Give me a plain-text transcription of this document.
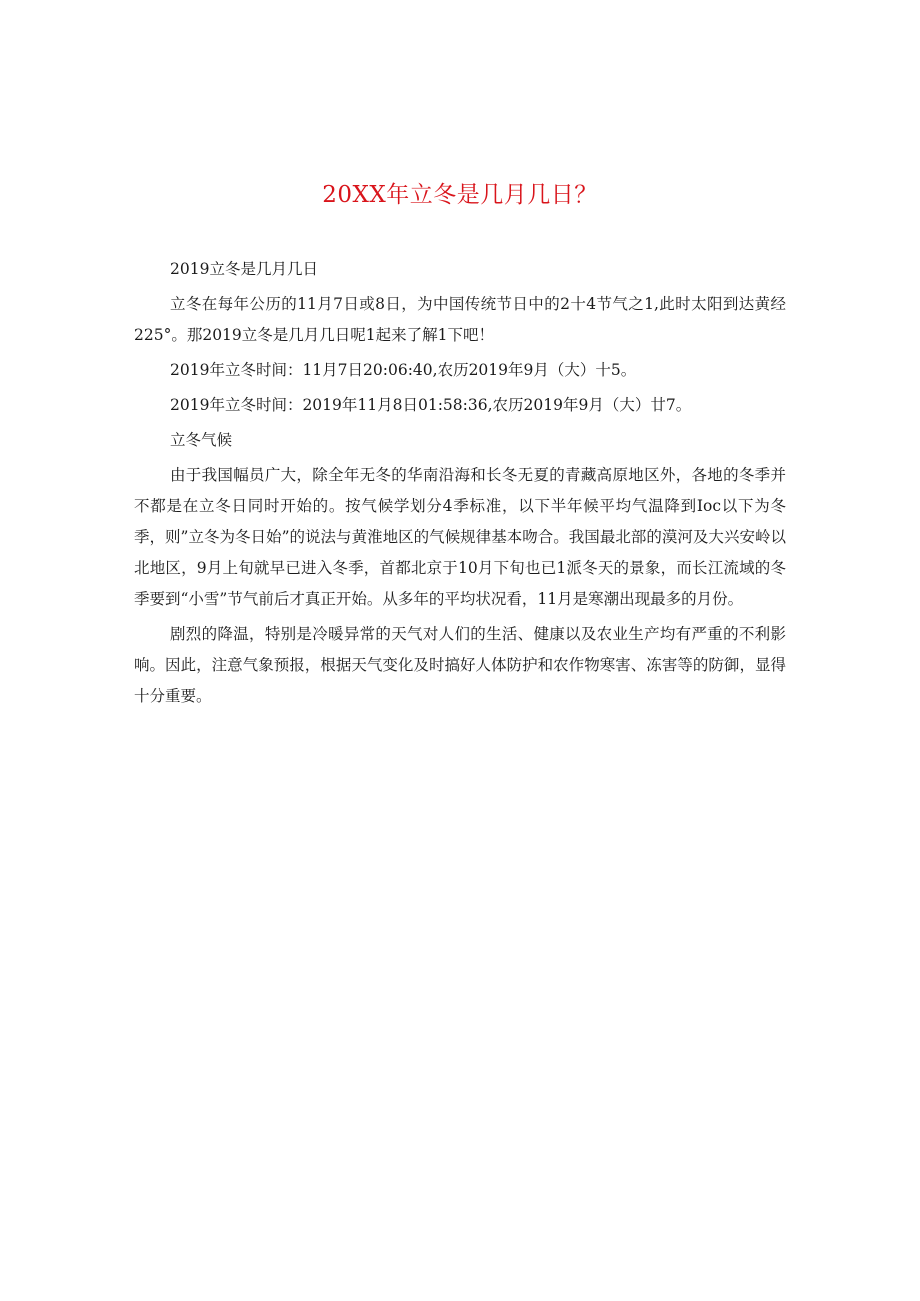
20XX年立冬是几月几日？

2019立冬是几月几日

立冬在每年公历的11月7日或8日，为中国传统节日中的2十4节气之1,此时太阳到达黄经225°。那2019立冬是几月几日呢1起来了解1下吧！

2019年立冬时间：11月7日20:06:40,农历2019年9月（大）十5。

2019年立冬时间：2019年11月8日01:58:36,农历2019年9月（大）廿7。

立冬气候

由于我国幅员广大，除全年无冬的华南沿海和长冬无夏的青藏高原地区外，各地的冬季并不都是在立冬日同时开始的。按气候学划分4季标准，以下半年候平均气温降到Ioc以下为冬季，则”立冬为冬日始”的说法与黄淮地区的气候规律基本吻合。我国最北部的漠河及大兴安岭以北地区，9月上旬就早已进入冬季，首都北京于10月下旬也已1派冬天的景象，而长江流域的冬季要到“小雪”节气前后才真正开始。从多年的平均状况看，11月是寒潮出现最多的月份。

剧烈的降温，特别是冷暖异常的天气对人们的生活、健康以及农业生产均有严重的不利影响。因此，注意气象预报，根据天气变化及时搞好人体防护和农作物寒害、冻害等的防御，显得十分重要。
